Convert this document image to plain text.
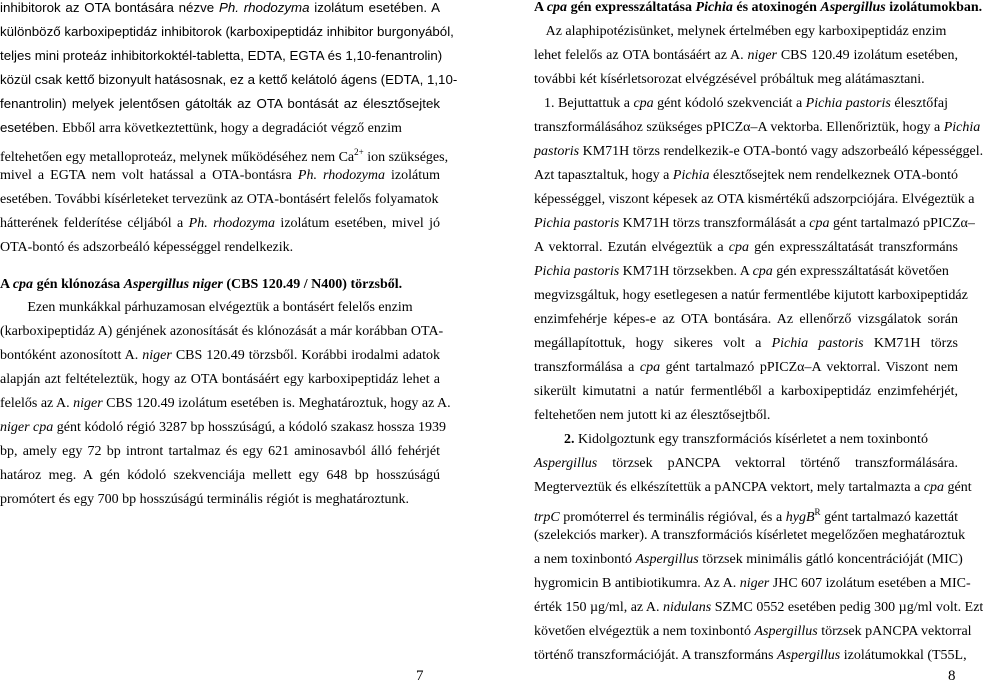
inhibitorok az OTA bontására nézve Ph. rhodozyma izolátum esetében. A
különböző karboxipeptidáz inhibitorok (karboxipeptidáz inhibitor burgonyából,
teljes mini proteáz inhibitorkoktél-tabletta, EDTA, EGTA és 1,10-fenantrolin)
közül csak kettő bizonyult hatásosnak, ez a kettő kelátoló ágens (EDTA, 1,10-
fenantrolin) melyek jelentősen gátolták az OTA bontását az élesztősejtek
esetében. Ebből arra következtettünk, hogy a degradációt végző enzim
feltehetően egy metalloproteáz, melynek működéséhez nem $Ca^{2+}$ ion szükséges,
mivel a EGTA nem volt hatással a OTA-bontásra Ph. rhodozyma izolátum
esetében. További kísérleteket tervezünk az OTA-bontásért felelős folyamatok
hátterének felderítése céljából a Ph. rhodozyma izolátum esetében, mivel jó
OTA-bontó és adszorbeáló képességgel rendelkezik.
A cpa gén klónozása Aspergillus niger (CBS 120.49 / N400) törzsből.
Ezen munkákkal párhuzamosan elvégeztük a bontásért felelős enzim
(karboxipeptidáz A) génjének azonosítását és klónozását a már korábban OTA-
bontóként azonosított A. niger CBS 120.49 törzsből. Korábbi irodalmi adatok
alapján azt feltételeztük, hogy az OTA bontásáért egy karboxipeptidáz lehet a
felelős az A. niger CBS 120.49 izolátum esetében is. Meghatároztuk, hogy az A.
niger cpa gént kódoló régió 3287 bp hosszúságú, a kódoló szakasz hossza 1939
bp, amely egy 72 bp intront tartalmaz és egy 621 aminosavból álló fehérjét
határoz meg. A gén kódoló szekvenciája mellett egy 648 bp hosszúságú
promótert és egy 700 bp hosszúságú terminális régiót is meghatároztunk.
A cpa gén expresszáltatása Pichia és atoxinogén Aspergillus izolátumokban.
Az alaphipotézisünket, melynek értelmében egy karboxipeptidáz enzim
lehet felelős az OTA bontásáért az A. niger CBS 120.49 izolátum esetében,
további két kísérletsorozat elvégzésével próbáltuk meg alátámasztani.
1. Bejuttattuk a cpa gént kódoló szekvenciát a Pichia pastoris élesztőfaj
transzformálásához szükséges pPICZα–A vektorba. Ellenőriztük, hogy a Pichia
pastoris KM71H törzs rendelkezik-e OTA-bontó vagy adszorbeáló képességgel.
Azt tapasztaltuk, hogy a Pichia élesztősejtek nem rendelkeznek OTA-bontó
képességgel, viszont képesek az OTA kismértékű adszorpciójára. Elvégeztük a
Pichia pastoris KM71H törzs transzformálását a cpa gént tartalmazó pPICZα–
A vektorral. Ezután elvégeztük a cpa gén expresszáltatását transzformáns
Pichia pastoris KM71H törzsekben. A cpa gén expresszáltatását követően
megvizsgáltuk, hogy esetlegesen a natúr fermentlébe kijutott karboxipeptidáz
enzimfehérje képes-e az OTA bontására. Az ellenőrző vizsgálatok során
megállapítottuk, hogy sikeres volt a Pichia pastoris KM71H törzs
transzformálása a cpa gént tartalmazó pPICZα–A vektorral. Viszont nem
sikerült kimutatni a natúr fermentléből a karboxipeptidáz enzimfehérjét,
feltehetően nem jutott ki az élesztősejtből.
2. Kidolgoztunk egy transzformációs kísérletet a nem toxinbontó
Aspergillus törzsek pANCPA vektorral történő transzformálására.
Megterveztük és elkészítettük a pANCPA vektort, mely tartalmazta a cpa gént
trpC promóterrel és terminális régióval, és a hygB$^R$ gént tartalmazó kazettát
(szelekciós marker). A transzformációs kísérletet megelőzően meghatároztuk
a nem toxinbontó Aspergillus törzsek minimális gátló koncentrációját (MIC)
hygromicin B antibiotikumra. Az A. niger JHC 607 izolátum esetében a MIC-
érték 150 µg/ml, az A. nidulans SZMC 0552 esetében pedig 300 µg/ml volt. Ezt
követően elvégeztük a nem toxinbontó Aspergillus törzsek pANCPA vektorral
történő transzformációját. A transzformáns Aspergillus izolátumokkal (T55L,
7	8
